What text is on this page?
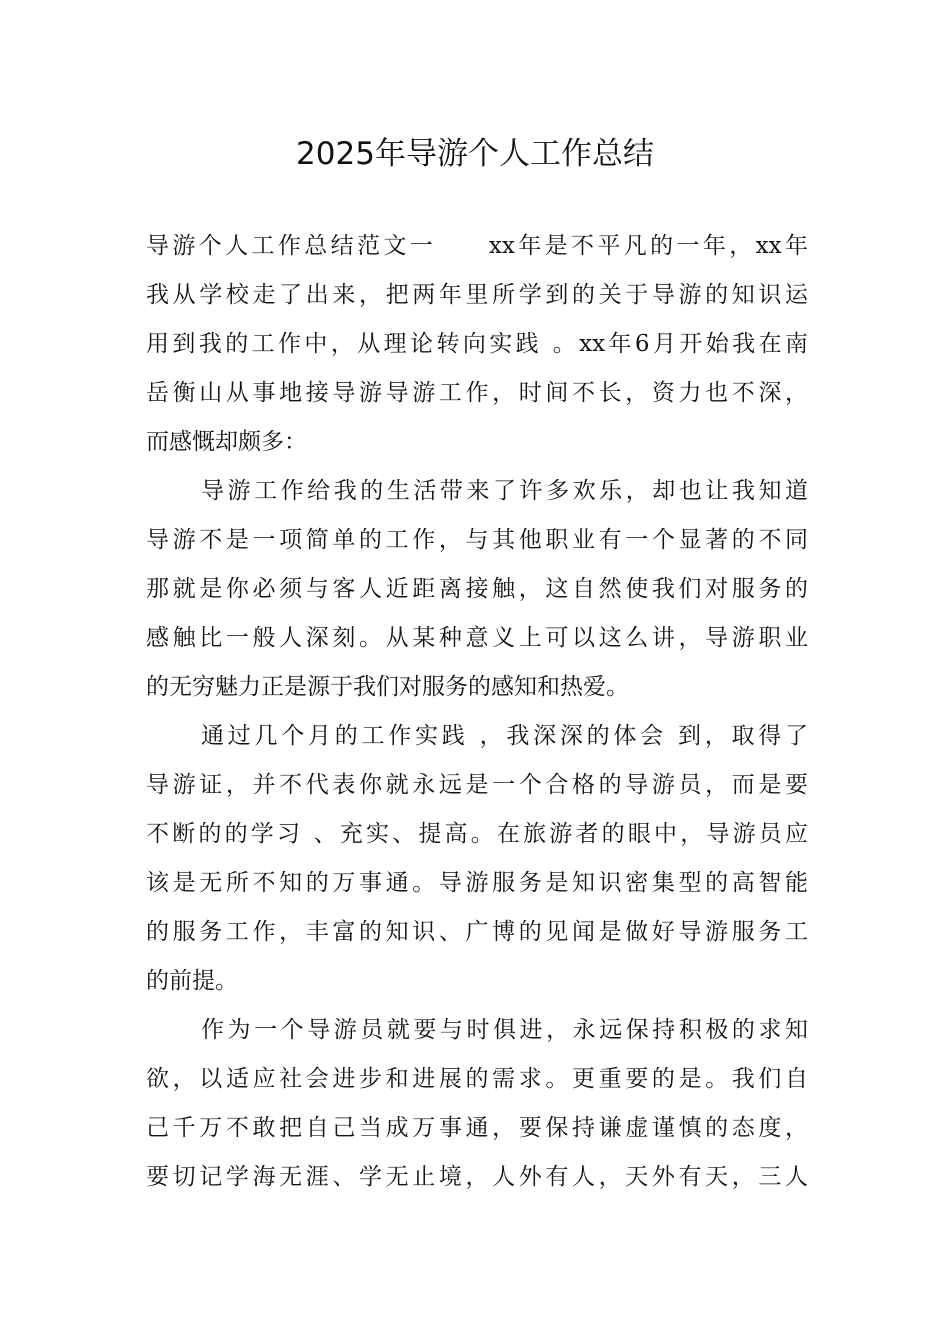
2025年导游个人工作总结
导游个人工作总结范文一　　xx年是不平凡的一年，xx年
我从学校走了出来，把两年里所学到的关于导游的知识运
用到我的工作中，从理论转向实践 。xx年6月开始我在南
岳衡山从事地接导游导游工作，时间不长，资力也不深，
而感慨却颇多：
导游工作给我的生活带来了许多欢乐，却也让我知道
导游不是一项简单的工作，与其他职业有一个显著的不同
那就是你必须与客人近距离接触，这自然使我们对服务的
感触比一般人深刻。从某种意义上可以这么讲，导游职业
的无穷魅力正是源于我们对服务的感知和热爱。
通过几个月的工作实践 ，我深深的体会 到，取得了
导游证，并不代表你就永远是一个合格的导游员，而是要
不断的的学习 、充实、提高。在旅游者的眼中，导游员应
该是无所不知的万事通。导游服务是知识密集型的高智能
的服务工作，丰富的知识、广博的见闻是做好导游服务工
的前提。
作为一个导游员就要与时俱进，永远保持积极的求知
欲，以适应社会进步和进展的需求。更重要的是。我们自
己千万不敢把自己当成万事通，要保持谦虚谨慎的态度，
要切记学海无涯、学无止境，人外有人，天外有天，三人
